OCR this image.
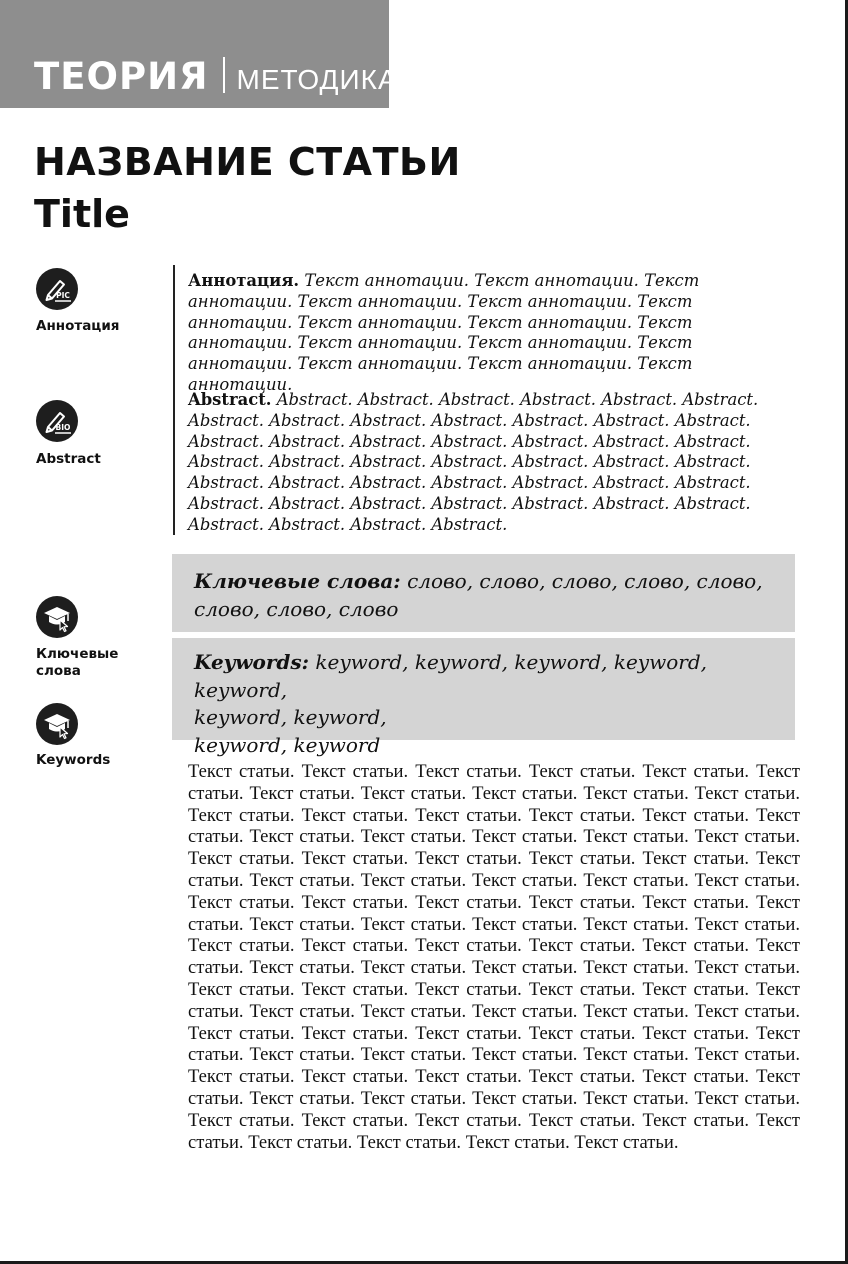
ТЕОРИЯ МЕТОДИКА
НАЗВАНИЕ СТАТЬИ
Title
PIC
Аннотация
BIO
Abstract
Ключевые слова
Keywords
Аннотация. Текст аннотации. Текст аннотации. Текст аннотации. Текст аннотации. Текст аннотации. Текст аннотации. Текст аннотации. Текст аннотации. Текст аннотации. Текст аннотации. Текст аннотации. Текст аннотации. Текст аннотации. Текст аннотации. Текст аннотации.
Abstract. Abstract. Abstract. Abstract. Abstract. Abstract. Abstract. Abstract. Abstract. Abstract. Abstract. Abstract. Abstract. Abstract. Abstract. Abstract. Abstract. Abstract. Abstract. Abstract. Abstract. Abstract. Abstract. Abstract. Abstract. Abstract. Abstract. Abstract. Abstract. Abstract. Abstract. Abstract. Abstract. Abstract. Abstract. Abstract. Abstract. Abstract. Abstract. Abstract. Abstract. Abstract. Abstract. Abstract. Abstract. Abstract.
Ключевые слова: слово, слово, слово, слово, слово, слово, слово, слово
Keywords: keyword, keyword, keyword, keyword, keyword,
keyword, keyword,
keyword, keyword
Текст статьи. Текст статьи. Текст статьи. Текст статьи. Текст статьи. Текст статьи. Текст статьи. Текст статьи. Текст статьи. Текст статьи. Текст статьи. Текст статьи. Текст статьи. Текст статьи. Текст статьи. Текст статьи. Текст статьи. Текст статьи. Текст статьи. Текст статьи. Текст статьи. Текст статьи. Текст статьи. Текст статьи. Текст статьи. Текст статьи. Текст статьи. Текст статьи. Текст статьи. Текст статьи. Текст статьи. Текст статьи. Текст статьи. Текст статьи. Текст статьи. Текст статьи. Текст статьи. Текст статьи. Текст статьи. Текст статьи. Текст статьи. Текст статьи. Текст статьи. Текст статьи. Текст статьи. Текст статьи. Текст статьи. Текст статьи. Текст статьи. Текст статьи. Текст статьи. Текст статьи. Текст статьи. Текст статьи. Текст статьи. Текст статьи. Текст статьи. Текст статьи. Текст статьи. Текст статьи. Текст статьи. Текст статьи. Текст статьи. Текст статьи. Текст статьи. Текст статьи. Текст статьи. Текст статьи. Текст статьи. Текст статьи. Текст статьи. Текст статьи. Текст статьи. Текст статьи. Текст статьи. Текст статьи. Текст статьи. Текст статьи. Текст статьи. Текст статьи. Текст статьи. Текст статьи. Текст статьи. Текст статьи. Текст статьи. Текст статьи. Текст статьи. Текст статьи. Текст статьи. Текст статьи. Текст статьи. Текст статьи. Текст статьи. Текст статьи. Текст статьи. Текст статьи. Текст статьи. Текст статьи.
